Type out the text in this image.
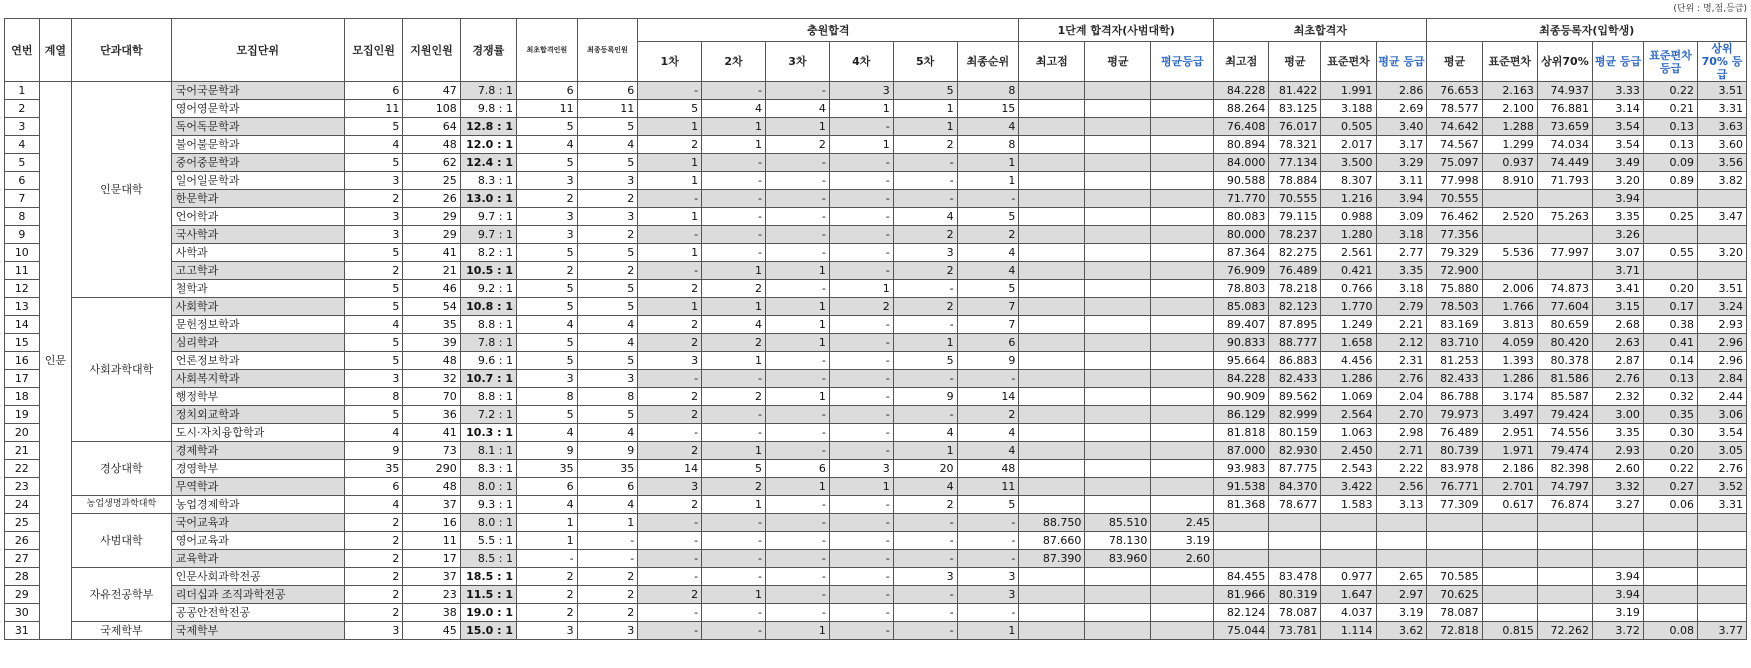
(단위 : 명,점,등급)
연번	계열	단과대학	모집단위	모집인원	지원인원	경쟁률	최초합격인원	최종등록인원	충원합격						1단계 합격자(사범대학)			최초합격자				최종등록자(입학생)					
									1차	2차	3차	4차	5차	최종순위	최고점	평균	평균등급	최고점	평균	표준편차	평균 등급	평균	표준편차	상위70%	평균 등급	표준편차 등급	상위70% 등급
1	인문	인문대학	국어국문학과	6	47	7.8 : 1	6	6	-	-	-	3	5	8				84.228	81.422	1.991	2.86	76.653	2.163	74.937	3.33	0.22	3.51
2			영어영문학과	11	108	9.8 : 1	11	11	5	4	4	1	1	15				88.264	83.125	3.188	2.69	78.577	2.100	76.881	3.14	0.21	3.31
3			독어독문학과	5	64	12.8 : 1	5	5	1	1	1	-	1	4				76.408	76.017	0.505	3.40	74.642	1.288	73.659	3.54	0.13	3.63
4			불어불문학과	4	48	12.0 : 1	4	4	2	1	2	1	2	8				80.894	78.321	2.017	3.17	74.567	1.299	74.034	3.54	0.13	3.60
5			중어중문학과	5	62	12.4 : 1	5	5	1	-	-	-	-	1				84.000	77.134	3.500	3.29	75.097	0.937	74.449	3.49	0.09	3.56
6			일어일문학과	3	25	8.3 : 1	3	3	1	-	-	-	-	1				90.588	78.884	8.307	3.11	77.998	8.910	71.793	3.20	0.89	3.82
7			한문학과	2	26	13.0 : 1	2	2	-	-	-	-	-	-				71.770	70.555	1.216	3.94	70.555			3.94		
8			언어학과	3	29	9.7 : 1	3	3	1	-	-	-	4	5				80.083	79.115	0.988	3.09	76.462	2.520	75.263	3.35	0.25	3.47
9			국사학과	3	29	9.7 : 1	3	2	-	-	-	-	2	2				80.000	78.237	1.280	3.18	77.356			3.26		
10			사학과	5	41	8.2 : 1	5	5	1	-	-	-	3	4				87.364	82.275	2.561	2.77	79.329	5.536	77.997	3.07	0.55	3.20
11			고고학과	2	21	10.5 : 1	2	2	-	1	1	-	2	4				76.909	76.489	0.421	3.35	72.900			3.71		
12			철학과	5	46	9.2 : 1	5	5	2	2	-	1	-	5				78.803	78.218	0.766	3.18	75.880	2.006	74.873	3.41	0.20	3.51
13		사회과학대학	사회학과	5	54	10.8 : 1	5	5	1	1	1	2	2	7				85.083	82.123	1.770	2.79	78.503	1.766	77.604	3.15	0.17	3.24
14			문헌정보학과	4	35	8.8 : 1	4	4	2	4	1	-	-	7				89.407	87.895	1.249	2.21	83.169	3.813	80.659	2.68	0.38	2.93
15			심리학과	5	39	7.8 : 1	5	4	2	2	1	-	1	6				90.833	88.777	1.658	2.12	83.710	4.059	80.420	2.63	0.41	2.96
16			언론정보학과	5	48	9.6 : 1	5	5	3	1	-	-	5	9				95.664	86.883	4.456	2.31	81.253	1.393	80.378	2.87	0.14	2.96
17			사회복지학과	3	32	10.7 : 1	3	3	-	-	-	-	-	-				84.228	82.433	1.286	2.76	82.433	1.286	81.586	2.76	0.13	2.84
18			행정학부	8	70	8.8 : 1	8	8	2	2	1	-	9	14				90.909	89.562	1.069	2.04	86.788	3.174	85.587	2.32	0.32	2.44
19			정치외교학과	5	36	7.2 : 1	5	5	2	-	-	-	-	2				86.129	82.999	2.564	2.70	79.973	3.497	79.424	3.00	0.35	3.06
20			도시·자치융합학과	4	41	10.3 : 1	4	4	-	-	-	-	4	4				81.818	80.159	1.063	2.98	76.489	2.951	74.556	3.35	0.30	3.54
21		경상대학	경제학과	9	73	8.1 : 1	9	9	2	1	-	-	1	4				87.000	82.930	2.450	2.71	80.739	1.971	79.474	2.93	0.20	3.05
22			경영학부	35	290	8.3 : 1	35	35	14	5	6	3	20	48				93.983	87.775	2.543	2.22	83.978	2.186	82.398	2.60	0.22	2.76
23			무역학과	6	48	8.0 : 1	6	6	3	2	1	1	4	11				91.538	84.370	3.422	2.56	76.771	2.701	74.797	3.32	0.27	3.52
24		농업생명과학대학	농업경제학과	4	37	9.3 : 1	4	4	2	1	-	-	2	5				81.368	78.677	1.583	3.13	77.309	0.617	76.874	3.27	0.06	3.31
25		사범대학	국어교육과	2	16	8.0 : 1	1	1	-	-	-	-	-	-	88.750	85.510	2.45										
26			영어교육과	2	11	5.5 : 1	1	-	-	-	-	-	-	-	87.660	78.130	3.19										
27			교육학과	2	17	8.5 : 1	-	-	-	-	-	-	-	-	87.390	83.960	2.60										
28		자유전공학부	인문사회과학전공	2	37	18.5 : 1	2	2	-	-	-	-	3	3				84.455	83.478	0.977	2.65	70.585			3.94		
29			리더십과 조직과학전공	2	23	11.5 : 1	2	2	2	1	-	-	-	3				81.966	80.319	1.647	2.97	70.625			3.94		
30			공공안전학전공	2	38	19.0 : 1	2	2	-	-	-	-	-	-				82.124	78.087	4.037	3.19	78.087			3.19		
31		국제학부	국제학부	3	45	15.0 : 1	3	3	-	-	1	-	-	1				75.044	73.781	1.114	3.62	72.818	0.815	72.262	3.72	0.08	3.77
